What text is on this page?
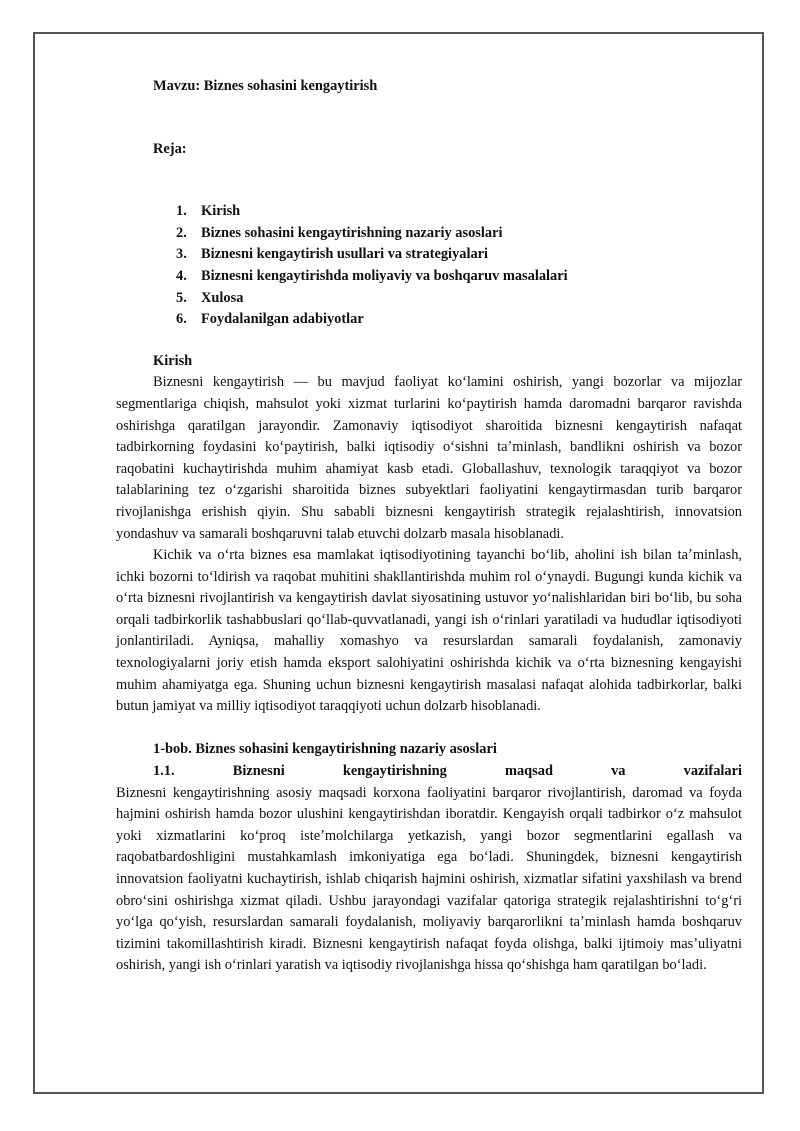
Mavzu: Biznes sohasini kengaytirish
Reja:
1. Kirish
2. Biznes sohasini kengaytirishning nazariy asoslari
3. Biznesni kengaytirish usullari va strategiyalari
4. Biznesni kengaytirishda moliyaviy va boshqaruv masalalari
5. Xulosa
6. Foydalanilgan adabiyotlar
Kirish

Biznesni kengaytirish — bu mavjud faoliyat koʻlamini oshirish, yangi bozorlar va mijozlar segmentlariga chiqish, mahsulot yoki xizmat turlarini koʻpaytirish hamda daromadni barqaror ravishda oshirishga qaratilgan jarayondir. Zamonaviy iqtisodiyot sharoitida biznesni kengaytirish nafaqat tadbirkorning foydasini koʻpaytirish, balki iqtisodiy oʻsishni taʼminlash, bandlikni oshirish va bozor raqobatini kuchaytirishda muhim ahamiyat kasb etadi. Globallashuv, texnologik taraqqiyot va bozor talablarining tez oʻzgarishi sharoitida biznes subyektlari faoliyatini kengaytirmasdan turib barqaror rivojlanishga erishish qiyin. Shu sababli biznesni kengaytirish strategik rejalashtirish, innovatsion yondashuv va samarali boshqaruvni talab etuvchi dolzarb masala hisoblanadi.

Kichik va oʻrta biznes esa mamlakat iqtisodiyotining tayanchi boʻlib, aholini ish bilan taʼminlash, ichki bozorni toʻldirish va raqobat muhitini shakllantirishda muhim rol oʻynaydi. Bugungi kunda kichik va oʻrta biznesni rivojlantirish va kengaytirish davlat siyosatining ustuvor yoʻnalishlaridan biri boʻlib, bu soha orqali tadbirkorlik tashabbuslari qoʻllab-quvvatlanadi, yangi ish oʻrinlari yaratiladi va hududlar iqtisodiyoti jonlantiriladi. Ayniqsa, mahalliy xomashyo va resurslardan samarali foydalanish, zamonaviy texnologiyalarni joriy etish hamda eksport salohiyatini oshirishda kichik va oʻrta biznesning kengayishi muhim ahamiyatga ega. Shuning uchun biznesni kengaytirish masalasi nafaqat alohida tadbirkorlar, balki butun jamiyat va milliy iqtisodiyot taraqqiyoti uchun dolzarb hisoblanadi.

1-bob. Biznes sohasini kengaytirishning nazariy asoslari
1.1.	Biznesni	kengaytirishning	maqsad	va	vazifalari

Biznesni kengaytirishning asosiy maqsadi korxona faoliyatini barqaror rivojlantirish, daromad va foyda hajmini oshirish hamda bozor ulushini kengaytirishdan iboratdir. Kengayish orqali tadbirkor oʻz mahsulot yoki xizmatlarini koʻproq isteʼmolchilarga yetkazish, yangi bozor segmentlarini egallash va raqobatbardoshligini mustahkamlash imkoniyatiga ega boʻladi. Shuningdek, biznesni kengaytirish innovatsion faoliyatni kuchaytirish, ishlab chiqarish hajmini oshirish, xizmatlar sifatini yaxshilash va brend obroʻsini oshirishga xizmat qiladi. Ushbu jarayondagi vazifalar qatoriga strategik rejalashtirishni toʻgʻri yoʻlga qoʻyish, resurslardan samarali foydalanish, moliyaviy barqarorlikni taʼminlash hamda boshqaruv tizimini takomillashtirish kiradi. Biznesni kengaytirish nafaqat foyda olishga, balki ijtimoiy masʼuliyatni oshirish, yangi ish oʻrinlari yaratish va iqtisodiy rivojlanishga hissa qoʻshishga ham qaratilgan boʻladi.
